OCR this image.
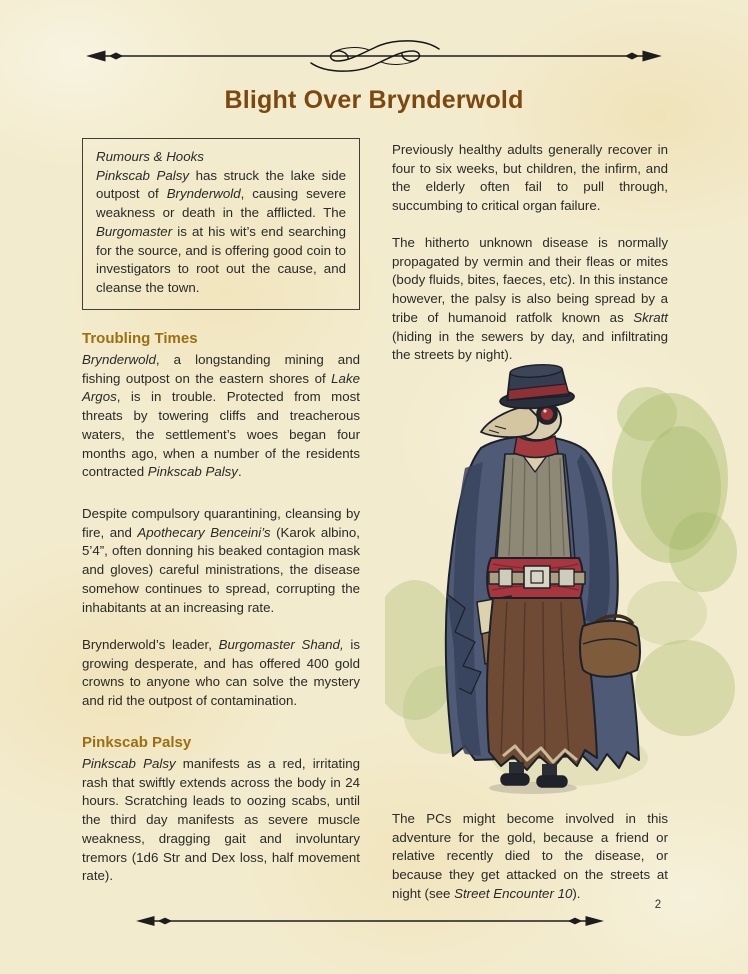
Blight Over Brynderwold
Rumours & Hooks
Pinkscab Palsy has struck the lake side outpost of Brynderwold, causing severe weakness or death in the afflicted. The Burgomaster is at his wit’s end searching for the source, and is offering good coin to investigators to root out the cause, and cleanse the town.
Troubling Times

Brynderwold, a longstanding mining and fishing outpost on the eastern shores of Lake Argos, is in trouble. Protected from most threats by towering cliffs and treacherous waters, the settlement’s woes began four months ago, when a number of the residents contracted Pinkscab Palsy.

Despite compulsory quarantining, cleansing by fire, and Apothecary Benceini’s (Karok albino, 5’4”, often donning his beaked contagion mask and gloves) careful ministrations, the disease somehow continues to spread, corrupting the inhabitants at an increasing rate.

Brynderwold’s leader, Burgomaster Shand, is growing desperate, and has offered 400 gold crowns to anyone who can solve the mystery and rid the outpost of contamination.

Pinkscab Palsy

Pinkscab Palsy manifests as a red, irritating rash that swiftly extends across the body in 24 hours. Scratching leads to oozing scabs, until the third day manifests as severe muscle weakness, dragging gait and involuntary tremors (1d6 Str and Dex loss, half movement rate).

Previously healthy adults generally recover in four to six weeks, but children, the infirm, and the elderly often fail to pull through, succumbing to critical organ failure.

The hitherto unknown disease is normally propagated by vermin and their fleas or mites (body fluids, bites, faeces, etc). In this instance however, the palsy is also being spread by a tribe of humanoid ratfolk known as Skratt (hiding in the sewers by day, and infiltrating the streets by night).

The PCs might become involved in this adventure for the gold, because a friend or relative recently died to the disease, or because they get attacked on the streets at night (see Street Encounter 10).

2
